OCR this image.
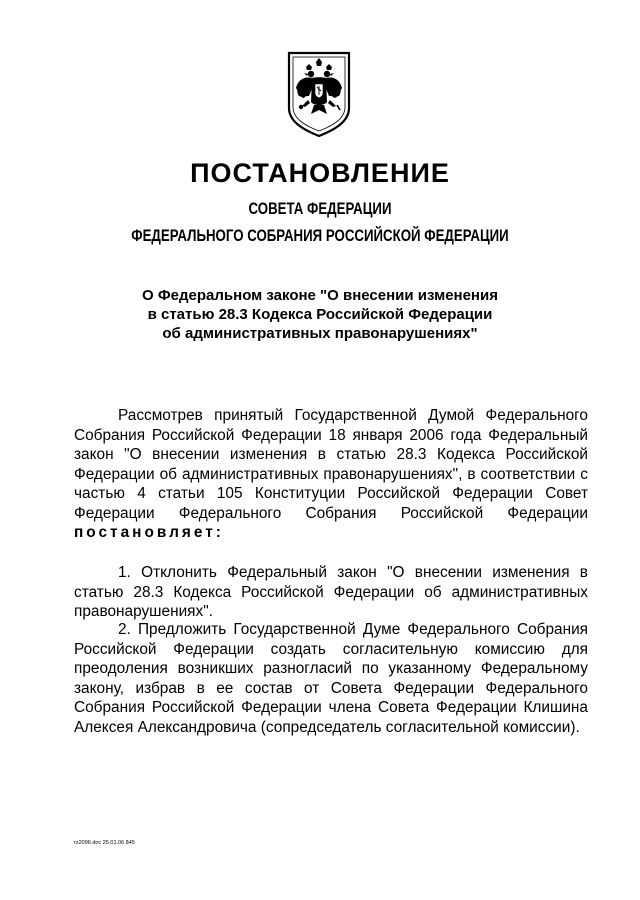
ПОСТАНОВЛЕНИЕ
СОВЕТА ФЕДЕРАЦИИ
ФЕДЕРАЛЬНОГО СОБРАНИЯ РОССИЙСКОЙ ФЕДЕРАЦИИ
О Федеральном законе "О внесении изменения
в статью 28.3 Кодекса Российской Федерации
об административных правонарушениях"

Рассмотрев принятый Государственной Думой Федерального Собрания Российской Федерации 18 января 2006 года Федеральный закон "О внесении изменения в статью 28.3 Кодекса Российской Федерации об административных правонарушениях", в соответствии с частью 4 статьи 105 Конституции Российской Федерации Совет Федерации Федерального Собрания Российской Федерации постановляет:

1. Отклонить Федеральный закон "О внесении изменения в статью 28.3 Кодекса Российской Федерации об административных правонарушениях".

2. Предложить Государственной Думе Федерального Собрания Российской Федерации создать согласительную комиссию для преодоления возникших разногласий по указанному Федеральному закону, избрав в ее состав от Совета Федерации Федерального Собрания Российской Федерации члена Совета Федерации Клишина Алексея Александровича (сопредседатель согласительной комиссии).

rz2096.doc 25.01.06 845
